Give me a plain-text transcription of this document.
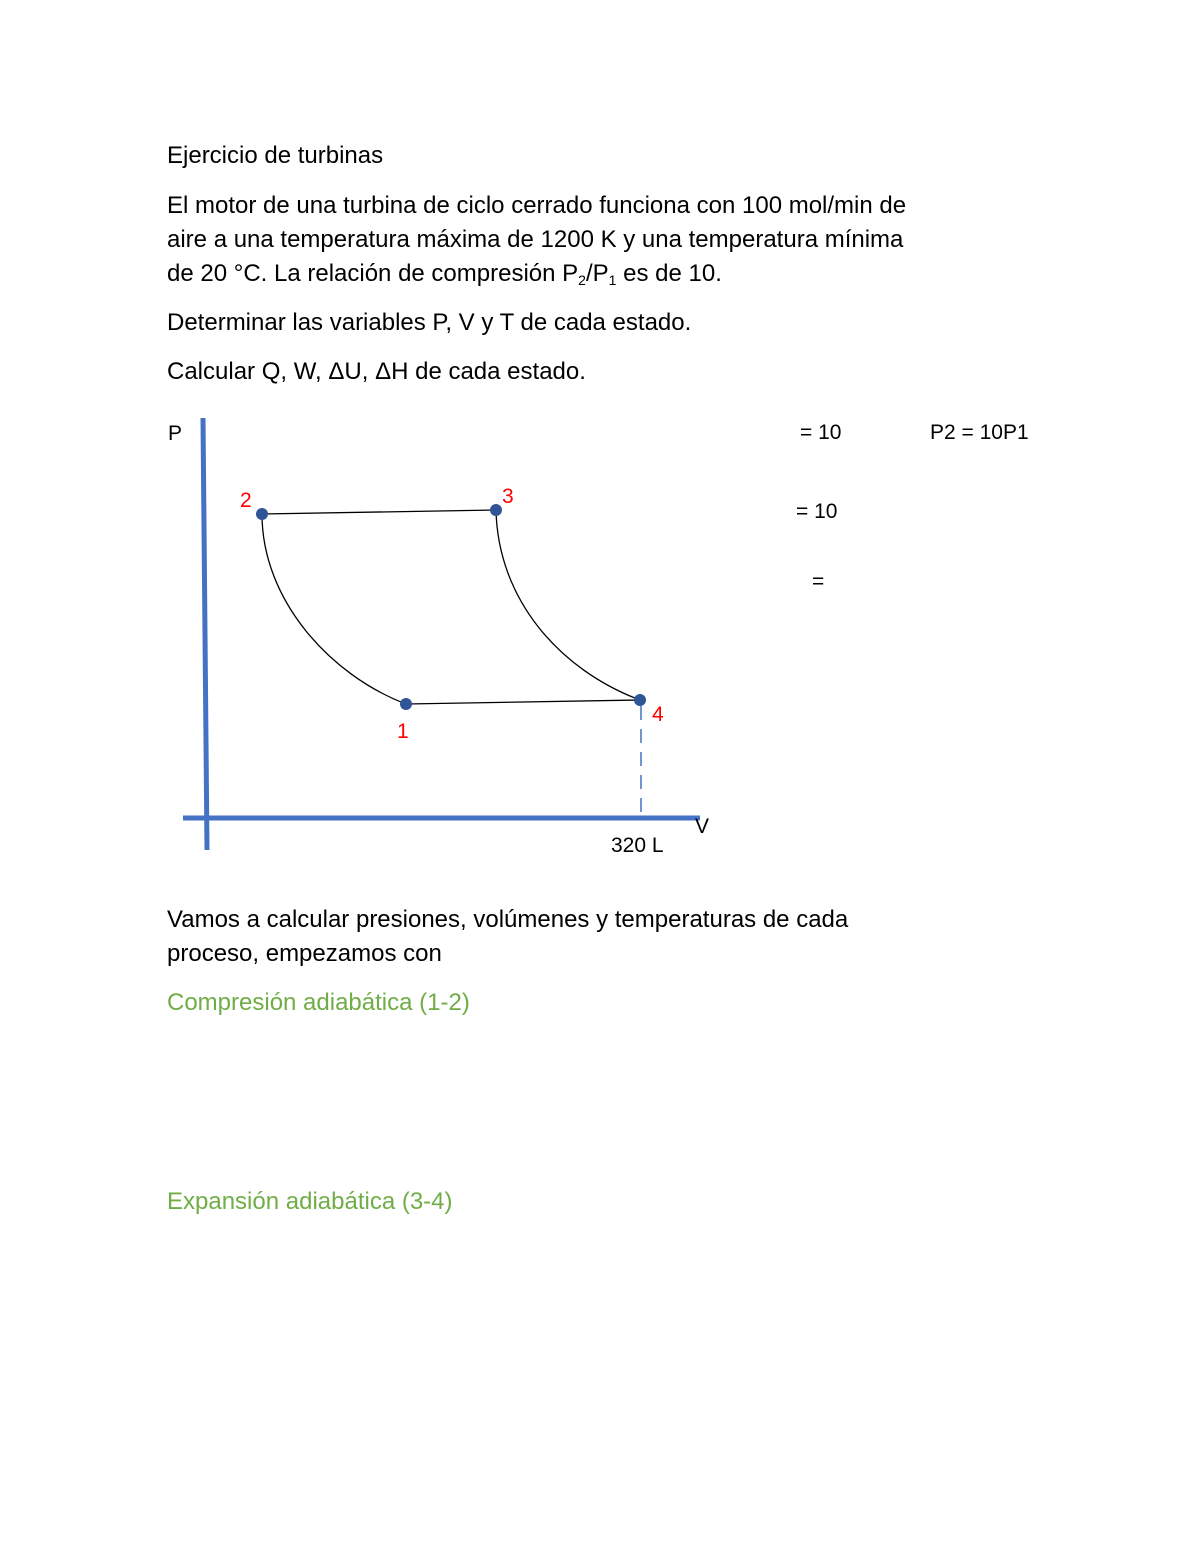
Ejercicio de turbinas

El motor de una turbina de ciclo cerrado funciona con 100 mol/min de

aire a una temperatura máxima de 1200 K y una temperatura mínima

de 20 °C. La relación de compresión $P_2/P_1$ es de 10.

Determinar las variables P, V y T de cada estado.

Calcular Q, W, ΔU, ΔH de cada estado.

P
V
320 L
1
2	3
4
= 10	P2 = 10P1
= 10
=

Vamos a calcular presiones, volúmenes y temperaturas de cada

proceso, empezamos con

Compresión adiabática (1-2)

Expansión adiabática (3-4)
